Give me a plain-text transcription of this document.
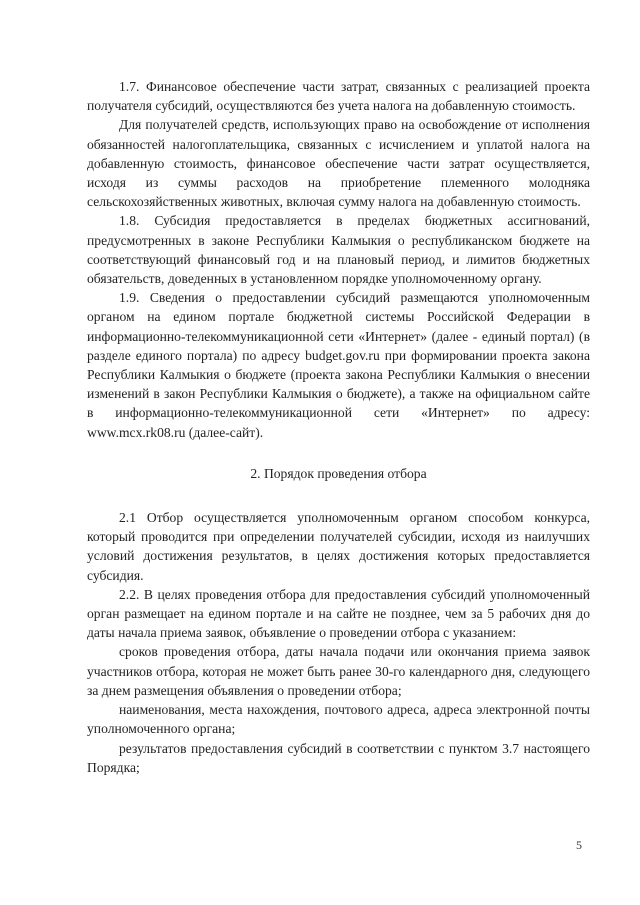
1.7. Финансовое обеспечение части затрат, связанных с реализацией проекта получателя субсидий, осуществляются без учета налога на добавленную стоимость.

Для получателей средств, использующих право на освобождение от исполнения обязанностей налогоплательщика, связанных с исчислением и уплатой налога на добавленную стоимость, финансовое обеспечение части затрат осуществляется, исходя из суммы расходов на приобретение племенного молодняка сельскохозяйственных животных, включая сумму налога на добавленную стоимость.

1.8. Субсидия предоставляется в пределах бюджетных ассигнований, предусмотренных в законе Республики Калмыкия о республиканском бюджете на соответствующий финансовый год и на плановый период, и лимитов бюджетных обязательств, доведенных в установленном порядке уполномоченному органу.

1.9. Сведения о предоставлении субсидий размещаются уполномоченным органом на едином портале бюджетной системы Российской Федерации в информационно-телекоммуникационной сети «Интернет» (далее - единый портал) (в разделе единого портала) по адресу budget.gov.ru при формировании проекта закона Республики Калмыкия о бюджете (проекта закона Республики Калмыкия о внесении изменений в закон Республики Калмыкия о бюджете), а также на официальном сайте в информационно-телекоммуникационной сети «Интернет» по адресу: www.mcx.rk08.ru (далее-сайт).

2. Порядок проведения отбора

2.1 Отбор осуществляется уполномоченным органом способом конкурса, который проводится при определении получателей субсидии, исходя из наилучших условий достижения результатов, в целях достижения которых предоставляется субсидия.

2.2. В целях проведения отбора для предоставления субсидий уполномоченный орган размещает на едином портале и на сайте не позднее, чем за 5 рабочих дня до даты начала приема заявок, объявление о проведении отбора с указанием:

сроков проведения отбора, даты начала подачи или окончания приема заявок участников отбора, которая не может быть ранее 30-го календарного дня, следующего за днем размещения объявления о проведении отбора;

наименования, места нахождения, почтового адреса, адреса электронной почты уполномоченного органа;

результатов предоставления субсидий в соответствии с пунктом 3.7 настоящего Порядка;

5
